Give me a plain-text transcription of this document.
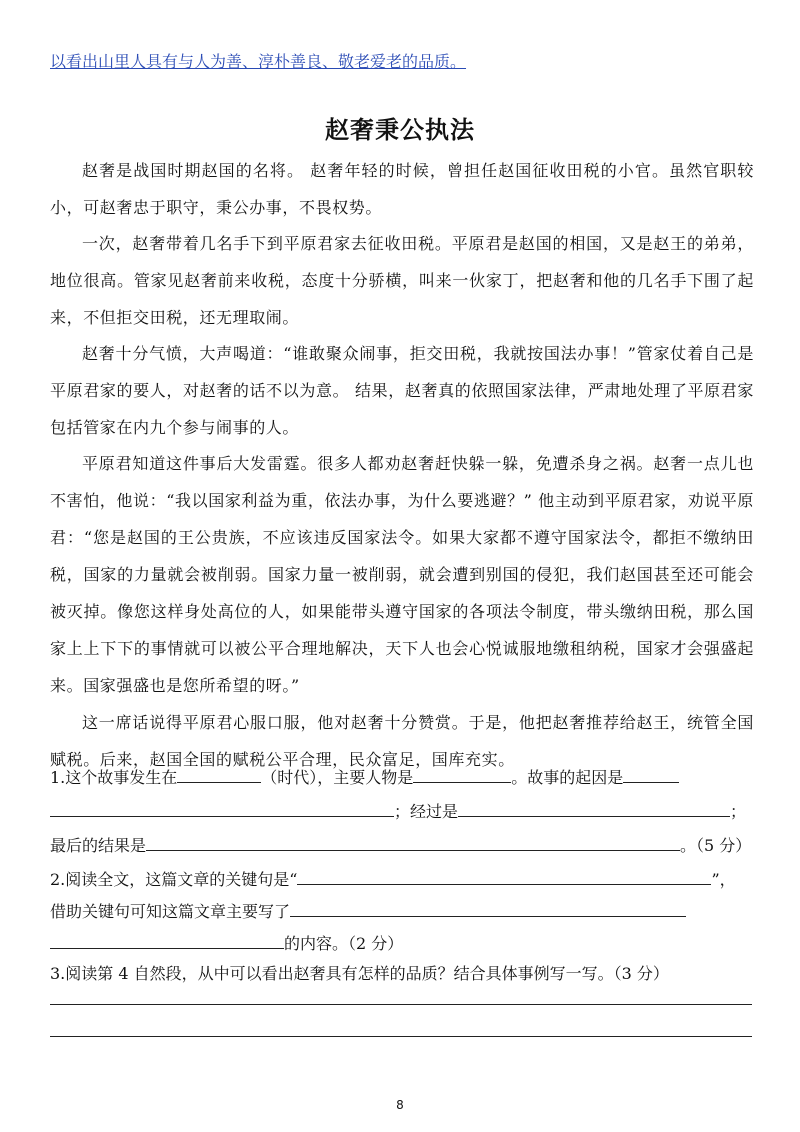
以看出山里人具有与人为善、淳朴善良、敬老爱老的品质。
赵奢秉公执法

赵奢是战国时期赵国的名将。 赵奢年轻的时候，曾担任赵国征收田税的小官。虽然官职较小，可赵奢忠于职守，秉公办事，不畏权势。

一次，赵奢带着几名手下到平原君家去征收田税。平原君是赵国的相国，又是赵王的弟弟，地位很高。管家见赵奢前来收税，态度十分骄横，叫来一伙家丁，把赵奢和他的几名手下围了起来，不但拒交田税，还无理取闹。

赵奢十分气愤，大声喝道：“谁敢聚众闹事，拒交田税，我就按国法办事！”管家仗着自己是平原君家的要人，对赵奢的话不以为意。 结果，赵奢真的依照国家法律，严肃地处理了平原君家包括管家在内九个参与闹事的人。

平原君知道这件事后大发雷霆。很多人都劝赵奢赶快躲一躲，免遭杀身之祸。赵奢一点儿也不害怕，他说：“我以国家利益为重，依法办事，为什么要逃避？” 他主动到平原君家，劝说平原君：“您是赵国的王公贵族，不应该违反国家法令。如果大家都不遵守国家法令，都拒不缴纳田税，国家的力量就会被削弱。国家力量一被削弱，就会遭到别国的侵犯，我们赵国甚至还可能会被灭掉。像您这样身处高位的人，如果能带头遵守国家的各项法令制度，带头缴纳田税，那么国家上上下下的事情就可以被公平合理地解决，天下人也会心悦诚服地缴租纳税，国家才会强盛起来。国家强盛也是您所希望的呀。”

这一席话说得平原君心服口服，他对赵奢十分赞赏。于是，他把赵奢推荐给赵王，统管全国赋税。后来，赵国全国的赋税公平合理，民众富足，国库充实。

1.这个故事发生在	（时代），主要人物是	。故事的起因是
；经过是	；
最后的结果是	。（5 分）
2.阅读全文，这篇文章的关键句是“	”，
借助关键句可知这篇文章主要写了
的内容。（2 分）
3.阅读第 4 自然段，从中可以看出赵奢具有怎样的品质？结合具体事例写一写。（3 分）
8
